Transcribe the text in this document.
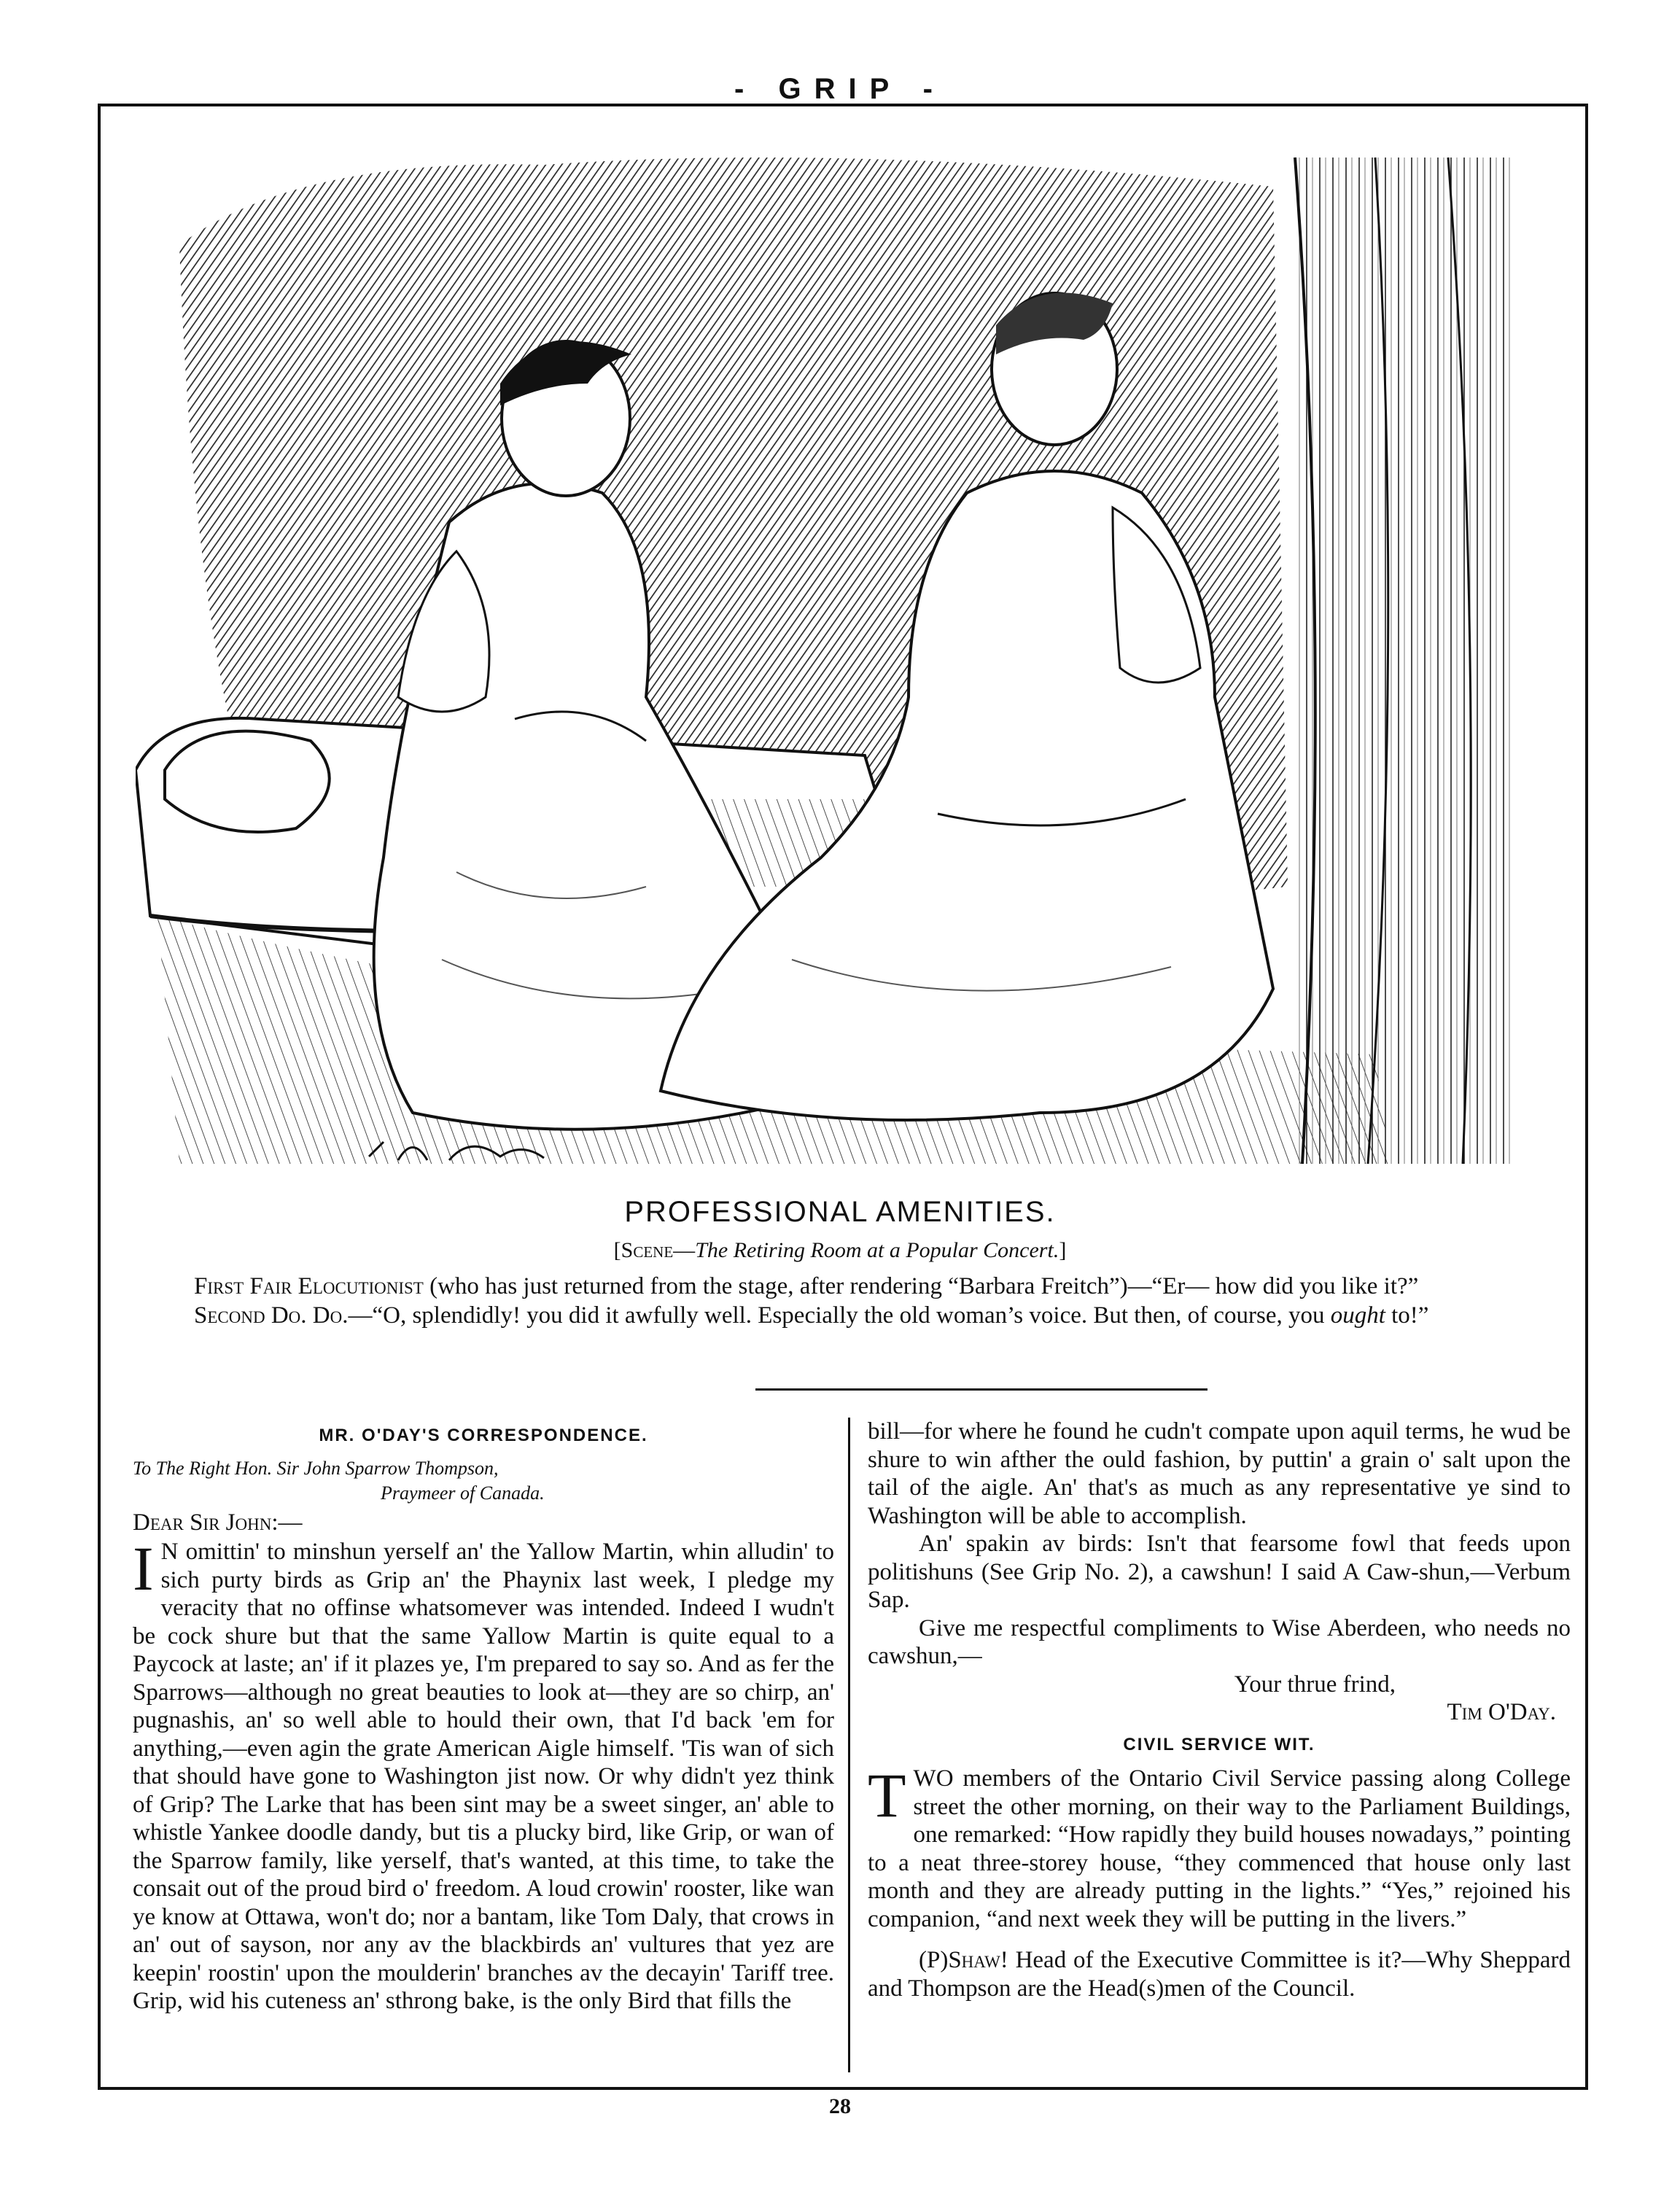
- GRIP -
PROFESSIONAL AMENITIES.
[Scene—The Retiring Room at a Popular Concert.]

First Fair Elocutionist (who has just returned from the stage, after rendering “Barbara Freitch”)—“Er— how did you like it?”

Second Do. Do.—“O, splendidly! you did it awfully well. Especially the old woman’s voice. But then, of course, you ought to!”

MR. O'DAY'S CORRESPONDENCE.
To The Right Hon. Sir John Sparrow Thompson,
Praymeer of Canada.
Dear Sir John:—

I N omittin' to minshun yerself an' the Yallow Martin, whin alludin' to sich purty birds as Grip an' the Phaynix last week, I pledge my veracity that no offinse whatsomever was intended. Indeed I wudn't be cock shure but that the same Yallow Martin is quite equal to a Paycock at laste; an' if it plazes ye, I'm prepared to say so. And as fer the Sparrows—although no great beauties to look at—they are so chirp, an' pugnashis, an' so well able to hould their own, that I'd back 'em for anything,—even agin the grate American Aigle himself. 'Tis wan of sich that should have gone to Washington jist now. Or why didn't yez think of Grip? The Larke that has been sint may be a sweet singer, an' able to whistle Yankee doodle dandy, but tis a plucky bird, like Grip, or wan of the Sparrow family, like yerself, that's wanted, at this time, to take the consait out of the proud bird o' freedom. A loud crowin' rooster, like wan ye know at Ottawa, won't do; nor a bantam, like Tom Daly, that crows in an' out of sayson, nor any av the blackbirds an' vultures that yez are keepin' roostin' upon the moulderin' branches av the decayin' Tariff tree. Grip, wid his cuteness an' sthrong bake, is the only Bird that fills the

bill—for where he found he cudn't compate upon aquil terms, he wud be shure to win afther the ould fashion, by puttin' a grain o' salt upon the tail of the aigle. An' that's as much as any representative ye sind to Washington will be able to accomplish.

An' spakin av birds: Isn't that fearsome fowl that feeds upon politishuns (See Grip No. 2), a cawshun! I said A Caw-shun,—Verbum Sap.

Give me respectful compliments to Wise Aberdeen, who needs no cawshun,—

Your thrue frind,
Tim O'Day.
CIVIL SERVICE WIT.

TWO members of the Ontario Civil Service passing along College street the other morning, on their way to the Parliament Buildings, one remarked: “How rapidly they build houses nowadays,” pointing to a neat three-storey house, “they commenced that house only last month and they are already putting in the lights.” “Yes,” rejoined his companion, “and next week they will be putting in the livers.”

(P)Shaw! Head of the Executive Committee is it?—Why Sheppard and Thompson are the Head(s)men of the Council.

28
